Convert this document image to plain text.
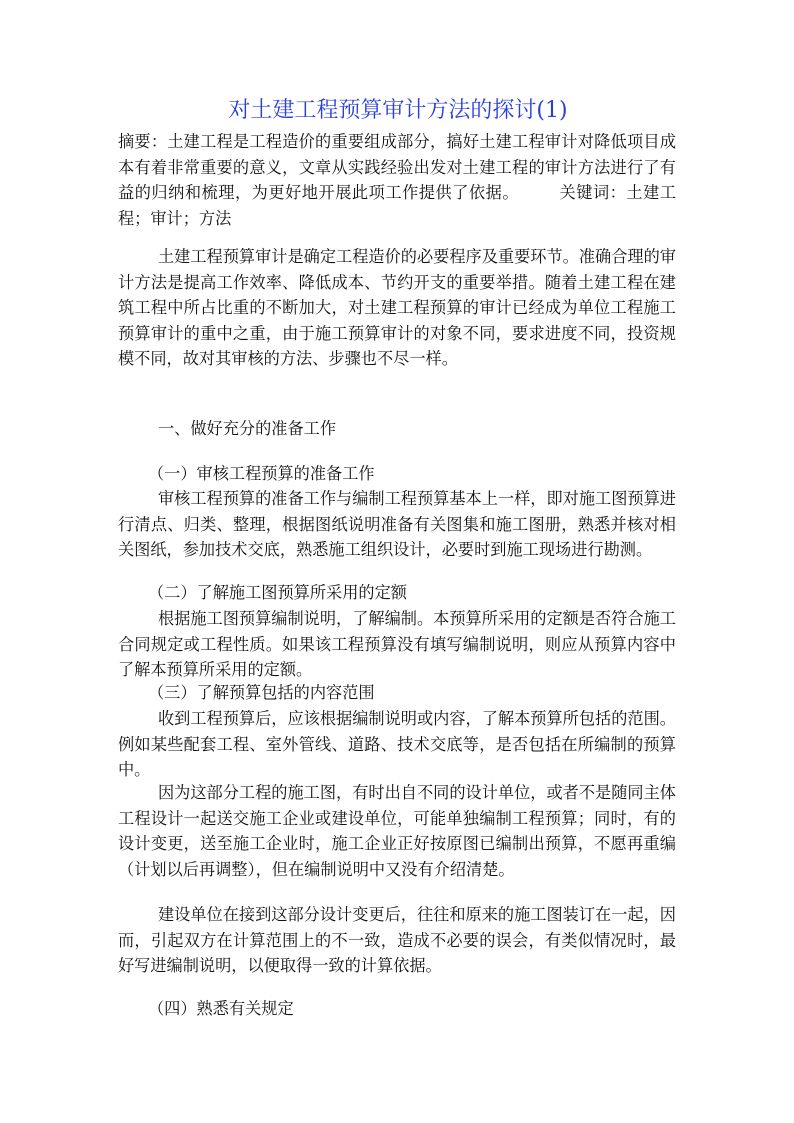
对土建工程预算审计方法的探讨(1)

摘要：土建工程是工程造价的重要组成部分，搞好土建工程审计对降低项目成本有着非常重要的意义，文章从实践经验出发对土建工程的审计方法进行了有益的归纳和梳理，为更好地开展此项工作提供了依据。 关键词：土建工程；审计；方法

土建工程预算审计是确定工程造价的必要程序及重要环节。准确合理的审计方法是提高工作效率、降低成本、节约开支的重要举措。随着土建工程在建筑工程中所占比重的不断加大，对土建工程预算的审计已经成为单位工程施工预算审计的重中之重，由于施工预算审计的对象不同，要求进度不同，投资规模不同，故对其审核的方法、步骤也不尽一样。

一、做好充分的准备工作

（一）审核工程预算的准备工作

审核工程预算的准备工作与编制工程预算基本上一样，即对施工图预算进行清点、归类、整理，根据图纸说明准备有关图集和施工图册，熟悉并核对相关图纸，参加技术交底，熟悉施工组织设计，必要时到施工现场进行勘测。

（二）了解施工图预算所采用的定额

根据施工图预算编制说明，了解编制。本预算所采用的定额是否符合施工合同规定或工程性质。如果该工程预算没有填写编制说明，则应从预算内容中了解本预算所采用的定额。

（三）了解预算包括的内容范围

收到工程预算后，应该根据编制说明或内容，了解本预算所包括的范围。例如某些配套工程、室外管线、道路、技术交底等，是否包括在所编制的预算中。

因为这部分工程的施工图，有时出自不同的设计单位，或者不是随同主体工程设计一起送交施工企业或建设单位，可能单独编制工程预算；同时，有的设计变更，送至施工企业时，施工企业正好按原图已编制出预算，不愿再重编（计划以后再调整），但在编制说明中又没有介绍清楚。

建设单位在接到这部分设计变更后，往往和原来的施工图装订在一起，因而，引起双方在计算范围上的不一致，造成不必要的误会，有类似情况时，最好写进编制说明，以便取得一致的计算依据。

（四）熟悉有关规定
